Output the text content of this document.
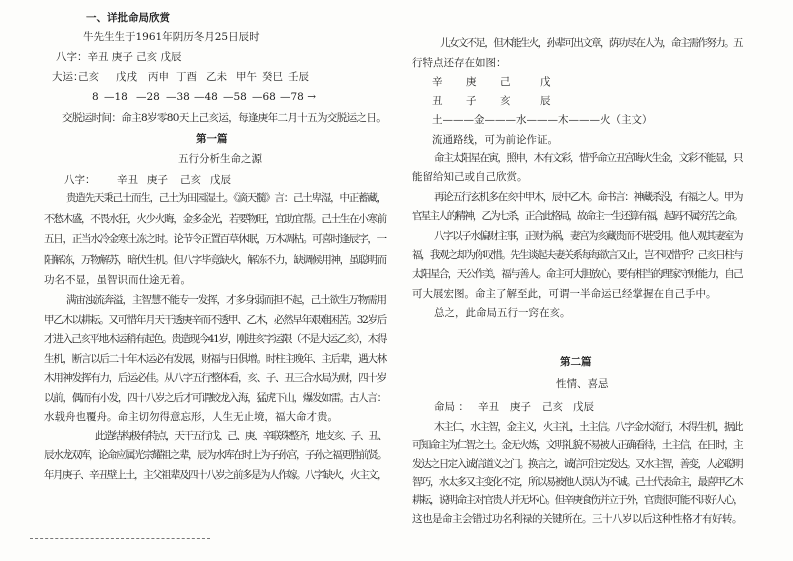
一、详批命局欣赏
牛先生生于1961年阴历冬月25日辰时
八字：辛丑 庚子 己亥 戊辰
大运：
己亥 戊戌 丙申 丁酉 乙未 甲午 癸巳 壬辰
8 —18 —28 —38 —48 —58 —68 —78 →
交脱运时间：命主8岁零80天上己亥运，每逢庚年二月十五为交脱运之日。
第一篇
五行分析生命之源
八字： 辛丑 庚子 己亥 戊辰
贵造先天秉己土而生，己土为田园湿土。《滴天髓》言：己土卑湿，中正蓄藏，
不愁木盛，不畏水狂，火少火晦，金多金光，若要物旺，宜助宜帮。己土生在小寒前
五日，正当水冷金寒土冻之时。论节令正置百草休眠，万木凋枯。可喜时逢辰字，一
阳解冻，万物解苏，暗伏生机。但八字毕竟缺火，解冻不力，缺调候用神，虽聪明而
功名不显，虽智识而仕途无着。
满宙浊流奔溢，主智慧不能专一发挥，才多身弱而担不起，己土欲生万物需用
甲乙木以耕耘。又可惜年月天干透庚辛而不透甲、乙木，必然早年艰难困苦。32岁后
才进入己亥平地木运稍有起色。贵造现今41岁，刚进亥字运限（不是大运乙亥），木得
生机，断言以后二十年木运必有发展，财福与日俱增。时柱主晚年、主后辈，遇大林
木用神发挥有力，后运必佳。从八字五行整体看，亥、子、丑三合水局为财，四十岁
以前，偶而有小发，四十八岁之后才可谓蛟龙入海，猛虎下山，爆发如雷。古人言：
水载舟也覆舟。命主切勿得意忘形，人生无止境，福大命才贵。
此造结构极有特点，天干五行戊、己、庚、辛联珠整齐，地支亥、子、丑、
辰水龙双库，论命应属光宗耀祖之辈，辰为水库在时上为子孙宫，子孙之福更胜前贤。
年月庚子、辛丑壁上土，主父祖辈及四十八岁之前多是为人作嫁。八字缺火，火主文，
儿女文不足，但木能生火，孙辈可出文章，荫功尽在人为，命主需作努力。五
行特点还存在如图：
辛 庚 己	戊
丑 子 亥	辰
土———金———水———木———火（主文）
流通路线，可为前论作证。
命主太阳星在寅，照申，木有文彩，惜乎命立丑宫晦火生金，文彩不能显，只
能留给知己或自己欣赏。
再论五行玄机多在亥中甲木，辰中乙木。命书言：神藏杀没，有福之人。甲为
官星主人的精神，乙为七杀，正合此格局，故命主一生还算有福，起码不属穷苦之命。
八字以子水偏财主事，正财为祸，妻宫为亥藏贵而不堪受用。他人观其妻室为
福，我观之却为你叹惜。先生谈起夫妻关系每每欲言又止，岂不叹惜乎？己亥日柱与
太阳星合，天公作美，福与善人。命主可大胆放心，要有相当的理家守财能力，自己
可大展宏图。命主了解至此，可谓一半命运已经掌握在自己手中。
总之，此命局五行一窍在亥。
第二篇
性情、喜忌
命局 ： 辛丑 庚子 己亥 戊辰
木主仁，水主智，金主义，火主礼，土主信。八字金水流行，木得生机，据此
可知命主为仁智之士。金无火炼，文明礼貌不易被人正确看待，土主信，在日时，主
发达之日定入诚信道义之门。换言之，诚信可注定发达。又水主智，善变，人必聪明
智巧，水太多又主变化不定，所以易被他人误认为不诚。己土代表命主，最喜甲乙木
耕耘，说明命主对官贵人并无坏心。但辛庚食伤并立于外，官贵很可能不识好人心，
这也是命主会错过功名利禄的关键所在。三十八岁以后这种性格才有好转。
